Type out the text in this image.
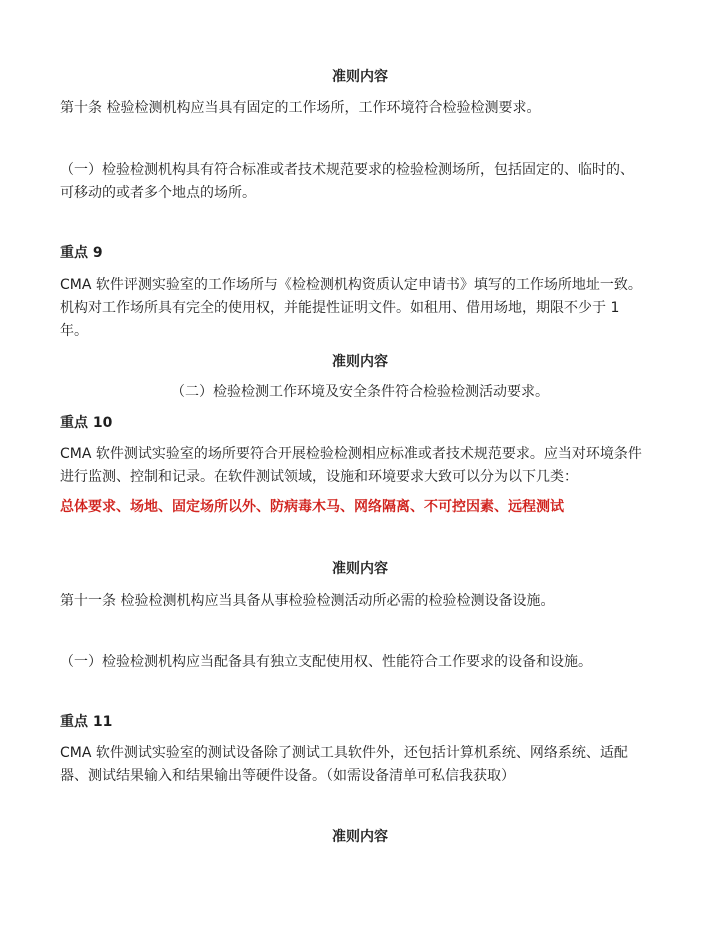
准则内容

第十条 检验检测机构应当具有固定的工作场所，工作环境符合检验检测要求。

（一）检验检测机构具有符合标准或者技术规范要求的检验检测场所，包括固定的、临时的、

可移动的或者多个地点的场所。

重点 9

CMA 软件评测实验室的工作场所与《检检测机构资质认定申请书》填写的工作场所地址一致。

机构对工作场所具有完全的使用权，并能提性证明文件。如租用、借用场地，期限不少于 1

年。

准则内容

（二）检验检测工作环境及安全条件符合检验检测活动要求。

重点 10

CMA 软件测试实验室的场所要符合开展检验检测相应标准或者技术规范要求。应当对环境条件

进行监测、控制和记录。在软件测试领域，设施和环境要求大致可以分为以下几类：

总体要求、场地、固定场所以外、防病毒木马、网络隔离、不可控因素、远程测试

准则内容

第十一条 检验检测机构应当具备从事检验检测活动所必需的检验检测设备设施。

（一）检验检测机构应当配备具有独立支配使用权、性能符合工作要求的设备和设施。

重点 11

CMA 软件测试实验室的测试设备除了测试工具软件外，还包括计算机系统、网络系统、适配

器、测试结果输入和结果输出等硬件设备。（如需设备清单可私信我获取）

准则内容
